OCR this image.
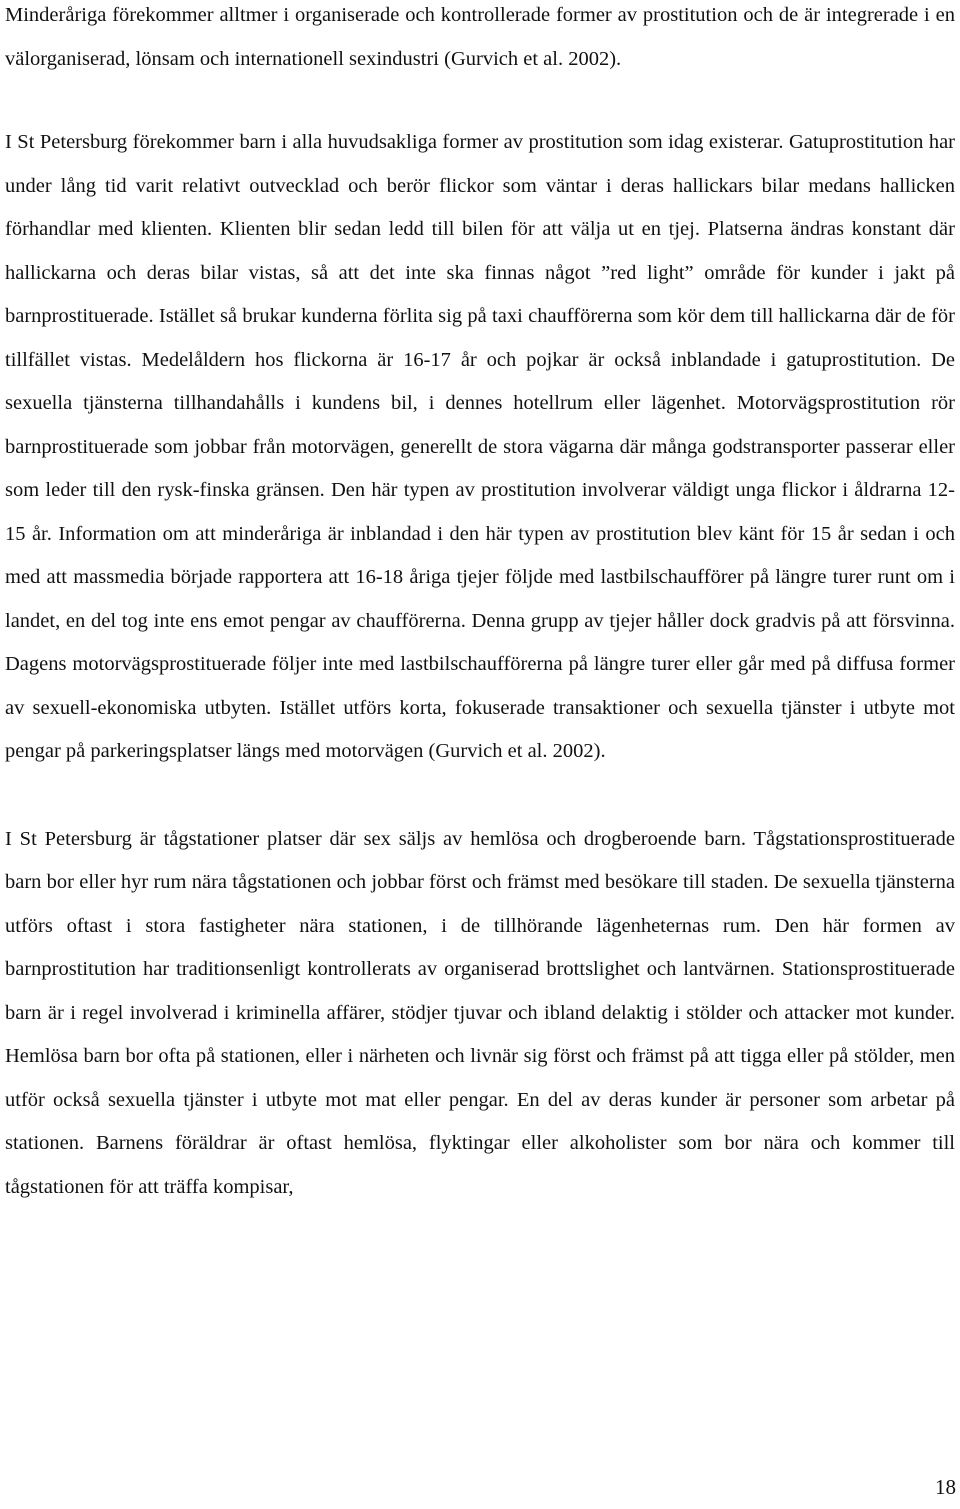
Minderåriga förekommer alltmer i organiserade och kontrollerade former av prostitution och de är integrerade i en välorganiserad, lönsam och internationell sexindustri (Gurvich et al. 2002).

I St Petersburg förekommer barn i alla huvudsakliga former av prostitution som idag existerar. Gatuprostitution har under lång tid varit relativt outvecklad och berör flickor som väntar i deras hallickars bilar medans hallicken förhandlar med klienten. Klienten blir sedan ledd till bilen för att välja ut en tjej. Platserna ändras konstant där hallickarna och deras bilar vistas, så att det inte ska finnas något ”red light” område för kunder i jakt på barnprostituerade. Istället så brukar kunderna förlita sig på taxi chaufförerna som kör dem till hallickarna där de för tillfället vistas. Medelåldern hos flickorna är 16-17 år och pojkar är också inblandade i gatuprostitution. De sexuella tjänsterna tillhandahålls i kundens bil, i dennes hotellrum eller lägenhet. Motorvägsprostitution rör barnprostituerade som jobbar från motorvägen, generellt de stora vägarna där många godstransporter passerar eller som leder till den rysk-finska gränsen. Den här typen av prostitution involverar väldigt unga flickor i åldrarna 12-15 år. Information om att minderåriga är inblandad i den här typen av prostitution blev känt för 15 år sedan i och med att massmedia började rapportera att 16-18 åriga tjejer följde med lastbilschaufförer på längre turer runt om i landet, en del tog inte ens emot pengar av chaufförerna. Denna grupp av tjejer håller dock gradvis på att försvinna. Dagens motorvägsprostituerade följer inte med lastbilschaufförerna på längre turer eller går med på diffusa former av sexuell-ekonomiska utbyten. Istället utförs korta, fokuserade transaktioner och sexuella tjänster i utbyte mot pengar på parkeringsplatser längs med motorvägen (Gurvich et al. 2002).

I St Petersburg är tågstationer platser där sex säljs av hemlösa och drogberoende barn. Tågstationsprostituerade barn bor eller hyr rum nära tågstationen och jobbar först och främst med besökare till staden. De sexuella tjänsterna utförs oftast i stora fastigheter nära stationen, i de tillhörande lägenheternas rum. Den här formen av barnprostitution har traditionsenligt kontrollerats av organiserad brottslighet och lantvärnen. Stationsprostituerade barn är i regel involverad i kriminella affärer, stödjer tjuvar och ibland delaktig i stölder och attacker mot kunder. Hemlösa barn bor ofta på stationen, eller i närheten och livnär sig först och främst på att tigga eller på stölder, men utför också sexuella tjänster i utbyte mot mat eller pengar. En del av deras kunder är personer som arbetar på stationen. Barnens föräldrar är oftast hemlösa, flyktingar eller alkoholister som bor nära och kommer till tågstationen för att träffa kompisar,

18
